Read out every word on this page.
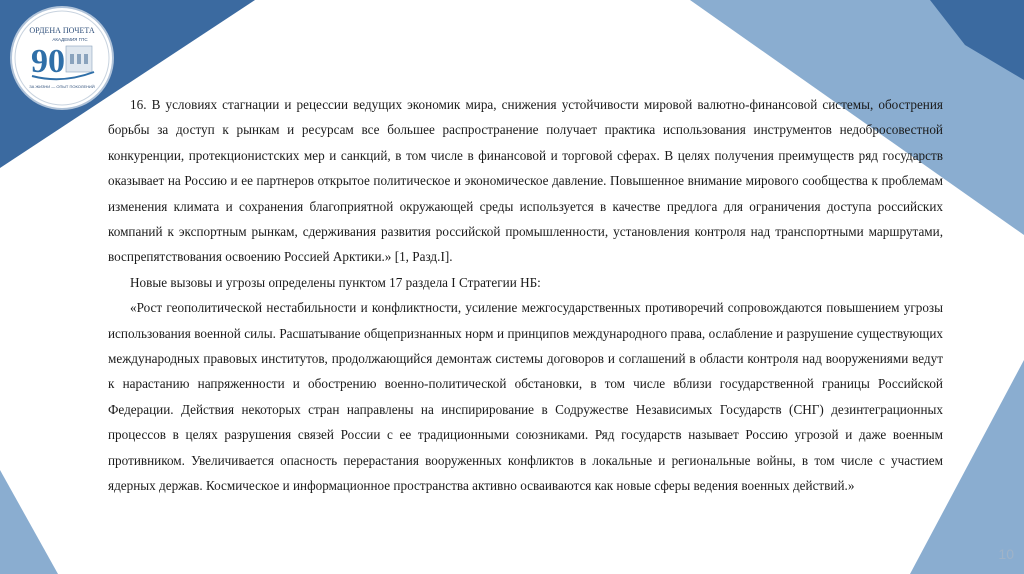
ОРДЕНА ПОЧЕТА
АКАДЕМИЯ ГПС
90
ЗА ЖИЗНИ — ОПЫТ ПОКОЛЕНИЙ

16. В условиях стагнации и рецессии ведущих экономик мира, снижения устойчивости мировой валютно-финансовой системы, обострения борьбы за доступ к рынкам и ресурсам все большее распространение получает практика использования инструментов недобросовестной конкуренции, протекционистских мер и санкций, в том числе в финансовой и торговой сферах. В целях получения преимуществ ряд государств оказывает на Россию и ее партнеров открытое политическое и экономическое давление. Повышенное внимание мирового сообщества к проблемам изменения климата и сохранения благоприятной окружающей среды используется в качестве предлога для ограничения доступа российских компаний к экспортным рынкам, сдерживания развития российской промышленности, установления контроля над транспортными маршрутами, воспрепятствования освоению Россией Арктики.» [1, Разд.I].

Новые вызовы и угрозы определены пунктом 17 раздела I Стратегии НБ:

«Рост геополитической нестабильности и конфликтности, усиление межгосударственных противоречий сопровождаются повышением угрозы использования военной силы. Расшатывание общепризнанных норм и принципов международного права, ослабление и разрушение существующих международных правовых институтов, продолжающийся демонтаж системы договоров и соглашений в области контроля над вооружениями ведут к нарастанию напряженности и обострению военно-политической обстановки, в том числе вблизи государственной границы Российской Федерации. Действия некоторых стран направлены на инспирирование в Содружестве Независимых Государств (СНГ) дезинтеграционных процессов в целях разрушения связей России с ее традиционными союзниками. Ряд государств называет Россию угрозой и даже военным противником. Увеличивается опасность перерастания вооруженных конфликтов в локальные и региональные войны, в том числе с участием ядерных держав. Космическое и информационное пространства активно осваиваются как новые сферы ведения военных действий.»

10
